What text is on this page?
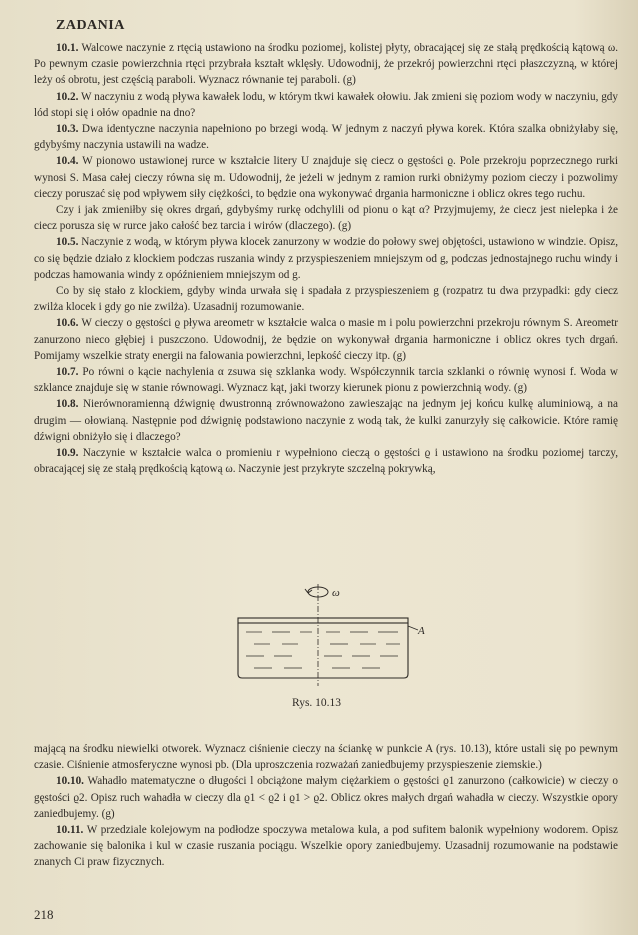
ZADANIA

10.1. Walcowe naczynie z rtęcią ustawiono na środku poziomej, kolistej płyty, obracającej się ze stałą prędkością kątową ω. Po pewnym czasie powierzchnia rtęci przybrała kształt wklęsły. Udowodnij, że przekrój powierzchni rtęci płaszczyzną, w której leży oś obrotu, jest częścią paraboli. Wyznacz równanie tej paraboli. (g)

10.2. W naczyniu z wodą pływa kawałek lodu, w którym tkwi kawałek ołowiu. Jak zmieni się poziom wody w naczyniu, gdy lód stopi się i ołów opadnie na dno?

10.3. Dwa identyczne naczynia napełniono po brzegi wodą. W jednym z naczyń pływa korek. Która szalka obniżyłaby się, gdybyśmy naczynia ustawili na wadze.

10.4. W pionowo ustawionej rurce w kształcie litery U znajduje się ciecz o gęstości ϱ. Pole przekroju poprzecznego rurki wynosi S. Masa całej cieczy równa się m. Udowodnij, że jeżeli w jednym z ramion rurki obniżymy poziom cieczy i pozwolimy cieczy poruszać się pod wpływem siły ciężkości, to będzie ona wykonywać drgania harmoniczne i oblicz okres tego ruchu.

Czy i jak zmieniłby się okres drgań, gdybyśmy rurkę odchylili od pionu o kąt α? Przyjmujemy, że ciecz jest nielepka i że ciecz porusza się w rurce jako całość bez tarcia i wirów (dlaczego). (g)

10.5. Naczynie z wodą, w którym pływa klocek zanurzony w wodzie do połowy swej objętości, ustawiono w windzie. Opisz, co się będzie działo z klockiem podczas ruszania windy z przyspieszeniem mniejszym od g, podczas jednostajnego ruchu windy i podczas hamowania windy z opóźnieniem mniejszym od g.

Co by się stało z klockiem, gdyby winda urwała się i spadała z przyspieszeniem g (rozpatrz tu dwa przypadki: gdy ciecz zwilża klocek i gdy go nie zwilża). Uzasadnij rozumowanie.

10.6. W cieczy o gęstości ϱ pływa areometr w kształcie walca o masie m i polu powierzchni przekroju równym S. Areometr zanurzono nieco głębiej i puszczono. Udowodnij, że będzie on wykonywał drgania harmoniczne i oblicz okres tych drgań. Pomijamy wszelkie straty energii na falowania powierzchni, lepkość cieczy itp. (g)

10.7. Po równi o kącie nachylenia α zsuwa się szklanka wody. Współczynnik tarcia szklanki o równię wynosi f. Woda w szklance znajduje się w stanie równowagi. Wyznacz kąt, jaki tworzy kierunek pionu z powierzchnią wody. (g)

10.8. Nierównoramienną dźwignię dwustronną zrównoważono zawieszając na jednym jej końcu kulkę aluminiową, a na drugim — ołowianą. Następnie pod dźwignię podstawiono naczynie z wodą tak, że kulki zanurzyły się całkowicie. Które ramię dźwigni obniżyło się i dlaczego?

10.9. Naczynie w kształcie walca o promieniu r wypełniono cieczą o gęstości ϱ i ustawiono na środku poziomej tarczy, obracającej się ze stałą prędkością kątową ω. Naczynie jest przykryte szczelną pokrywką,

ω
A
Rys. 10.13

mającą na środku niewielki otworek. Wyznacz ciśnienie cieczy na ściankę w punkcie A (rys. 10.13), które ustali się po pewnym czasie. Ciśnienie atmosferyczne wynosi pb. (Dla uproszczenia rozważań zaniedbujemy przyspieszenie ziemskie.)

10.10. Wahadło matematyczne o długości l obciążone małym ciężarkiem o gęstości ϱ1 zanurzono (całkowicie) w cieczy o gęstości ϱ2. Opisz ruch wahadła w cieczy dla ϱ1 < ϱ2 i ϱ1 > ϱ2. Oblicz okres małych drgań wahadła w cieczy. Wszystkie opory zaniedbujemy. (g)

10.11. W przedziale kolejowym na podłodze spoczywa metalowa kula, a pod sufitem balonik wypełniony wodorem. Opisz zachowanie się balonika i kul w czasie ruszania pociągu. Wszelkie opory zaniedbujemy. Uzasadnij rozumowanie na podstawie znanych Ci praw fizycznych.

218
